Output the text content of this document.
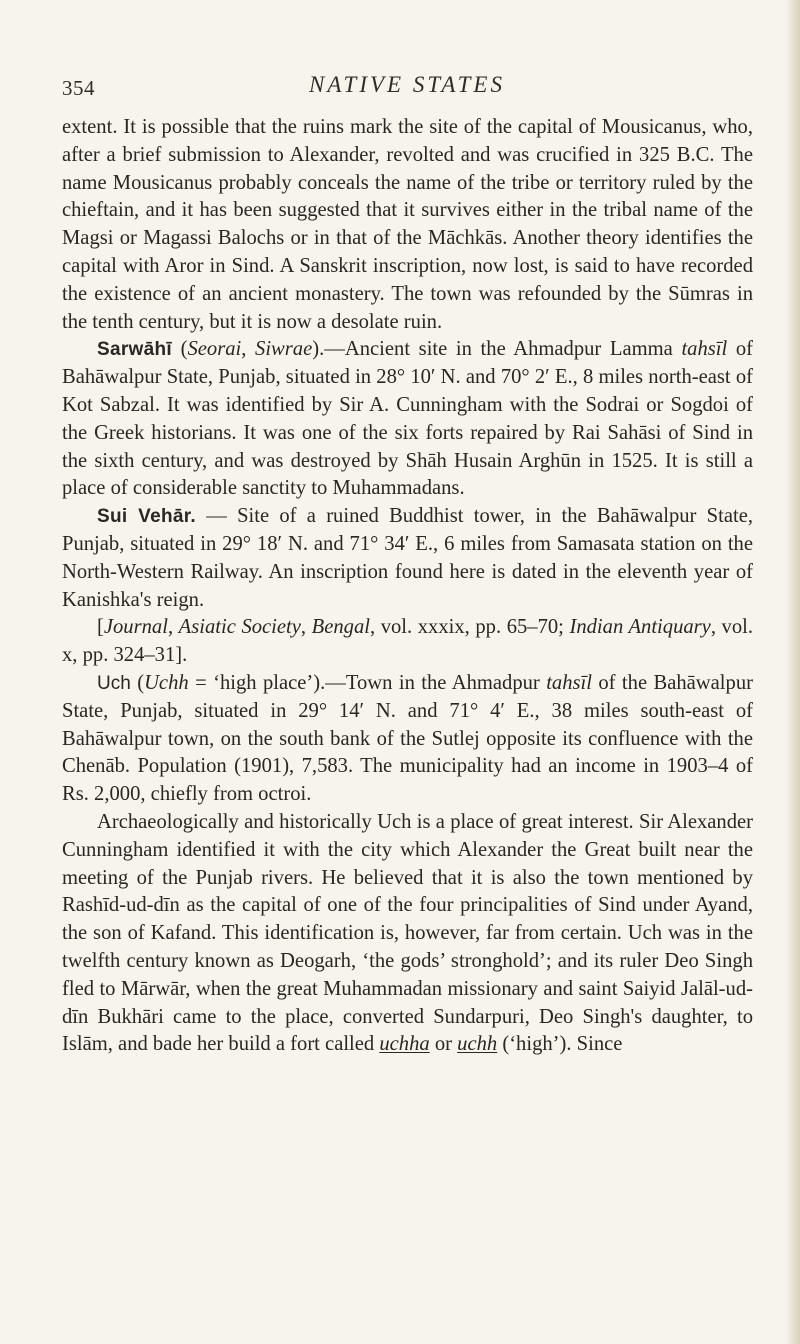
354	NATIVE STATES

extent. It is possible that the ruins mark the site of the capital of Mousicanus, who, after a brief submission to Alexander, revolted and was crucified in 325 B.C. The name Mousicanus probably conceals the name of the tribe or territory ruled by the chieftain, and it has been suggested that it survives either in the tribal name of the Magsi or Magassi Balochs or in that of the Māchkās. Another theory identifies the capital with Aror in Sind. A Sanskrit inscription, now lost, is said to have recorded the existence of an ancient monastery. The town was refounded by the Sūmras in the tenth century, but it is now a desolate ruin.

Sarwāhī (Seorai, Siwrae).—Ancient site in the Ahmadpur Lamma tahsīl of Bahāwalpur State, Punjab, situated in 28° 10′ N. and 70° 2′ E., 8 miles north-east of Kot Sabzal. It was identified by Sir A. Cunningham with the Sodrai or Sogdoi of the Greek historians. It was one of the six forts repaired by Rai Sahāsi of Sind in the sixth century, and was destroyed by Shāh Husain Arghūn in 1525. It is still a place of considerable sanctity to Muhammadans.

Sui Vehār. — Site of a ruined Buddhist tower, in the Bahāwalpur State, Punjab, situated in 29° 18′ N. and 71° 34′ E., 6 miles from Samasata station on the North-Western Railway. An inscription found here is dated in the eleventh year of Kanishka's reign.

[Journal, Asiatic Society, Bengal, vol. xxxix, pp. 65–70; Indian Antiquary, vol. x, pp. 324–31].

Uch (Uchh = ‘high place’).—Town in the Ahmadpur tahsīl of the Bahāwalpur State, Punjab, situated in 29° 14′ N. and 71° 4′ E., 38 miles south-east of Bahāwalpur town, on the south bank of the Sutlej opposite its confluence with the Chenāb. Population (1901), 7,583. The municipality had an income in 1903–4 of Rs. 2,000, chiefly from octroi.

Archaeologically and historically Uch is a place of great interest. Sir Alexander Cunningham identified it with the city which Alexander the Great built near the meeting of the Punjab rivers. He believed that it is also the town mentioned by Rashīd-ud-dīn as the capital of one of the four principalities of Sind under Ayand, the son of Kafand. This identification is, however, far from certain. Uch was in the twelfth century known as Deogarh, ‘the gods’ stronghold’; and its ruler Deo Singh fled to Mārwār, when the great Muhammadan missionary and saint Saiyid Jalāl-ud-dīn Bukhāri came to the place, converted Sundarpuri, Deo Singh's daughter, to Islām, and bade her build a fort called uchha or uchh (‘high’). Since
